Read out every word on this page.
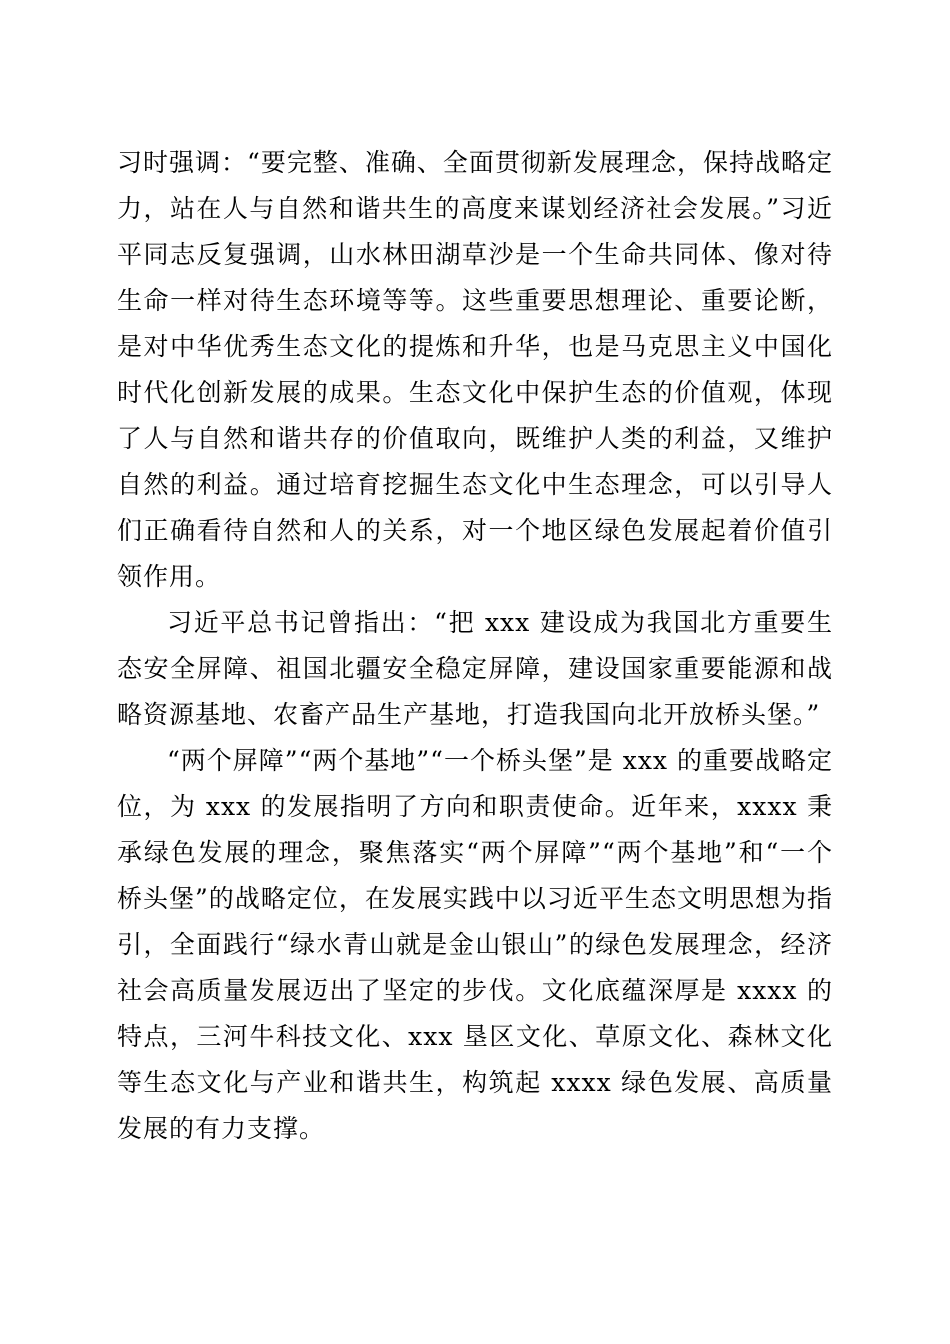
习时强调：“要完整、准确、全面贯彻新发展理念，保持战略定力，站在人与自然和谐共生的高度来谋划经济社会发展。”习近平同志反复强调，山水林田湖草沙是一个生命共同体、像对待生命一样对待生态环境等等。这些重要思想理论、重要论断，是对中华优秀生态文化的提炼和升华，也是马克思主义中国化时代化创新发展的成果。生态文化中保护生态的价值观，体现了人与自然和谐共存的价值取向，既维护人类的利益，又维护自然的利益。通过培育挖掘生态文化中生态理念，可以引导人们正确看待自然和人的关系，对一个地区绿色发展起着价值引领作用。

习近平总书记曾指出：“把 xxx 建设成为我国北方重要生态安全屏障、祖国北疆安全稳定屏障，建设国家重要能源和战略资源基地、农畜产品生产基地，打造我国向北开放桥头堡。”

“两个屏障”“两个基地”“一个桥头堡”是 xxx 的重要战略定位，为 xxx 的发展指明了方向和职责使命。近年来，xxxx 秉承绿色发展的理念，聚焦落实“两个屏障”“两个基地”和“一个桥头堡”的战略定位，在发展实践中以习近平生态文明思想为指引，全面践行“绿水青山就是金山银山”的绿色发展理念，经济社会高质量发展迈出了坚定的步伐。文化底蕴深厚是 xxxx 的特点，三河牛科技文化、xxx 垦区文化、草原文化、森林文化等生态文化与产业和谐共生，构筑起 xxxx 绿色发展、高质量发展的有力支撑。
